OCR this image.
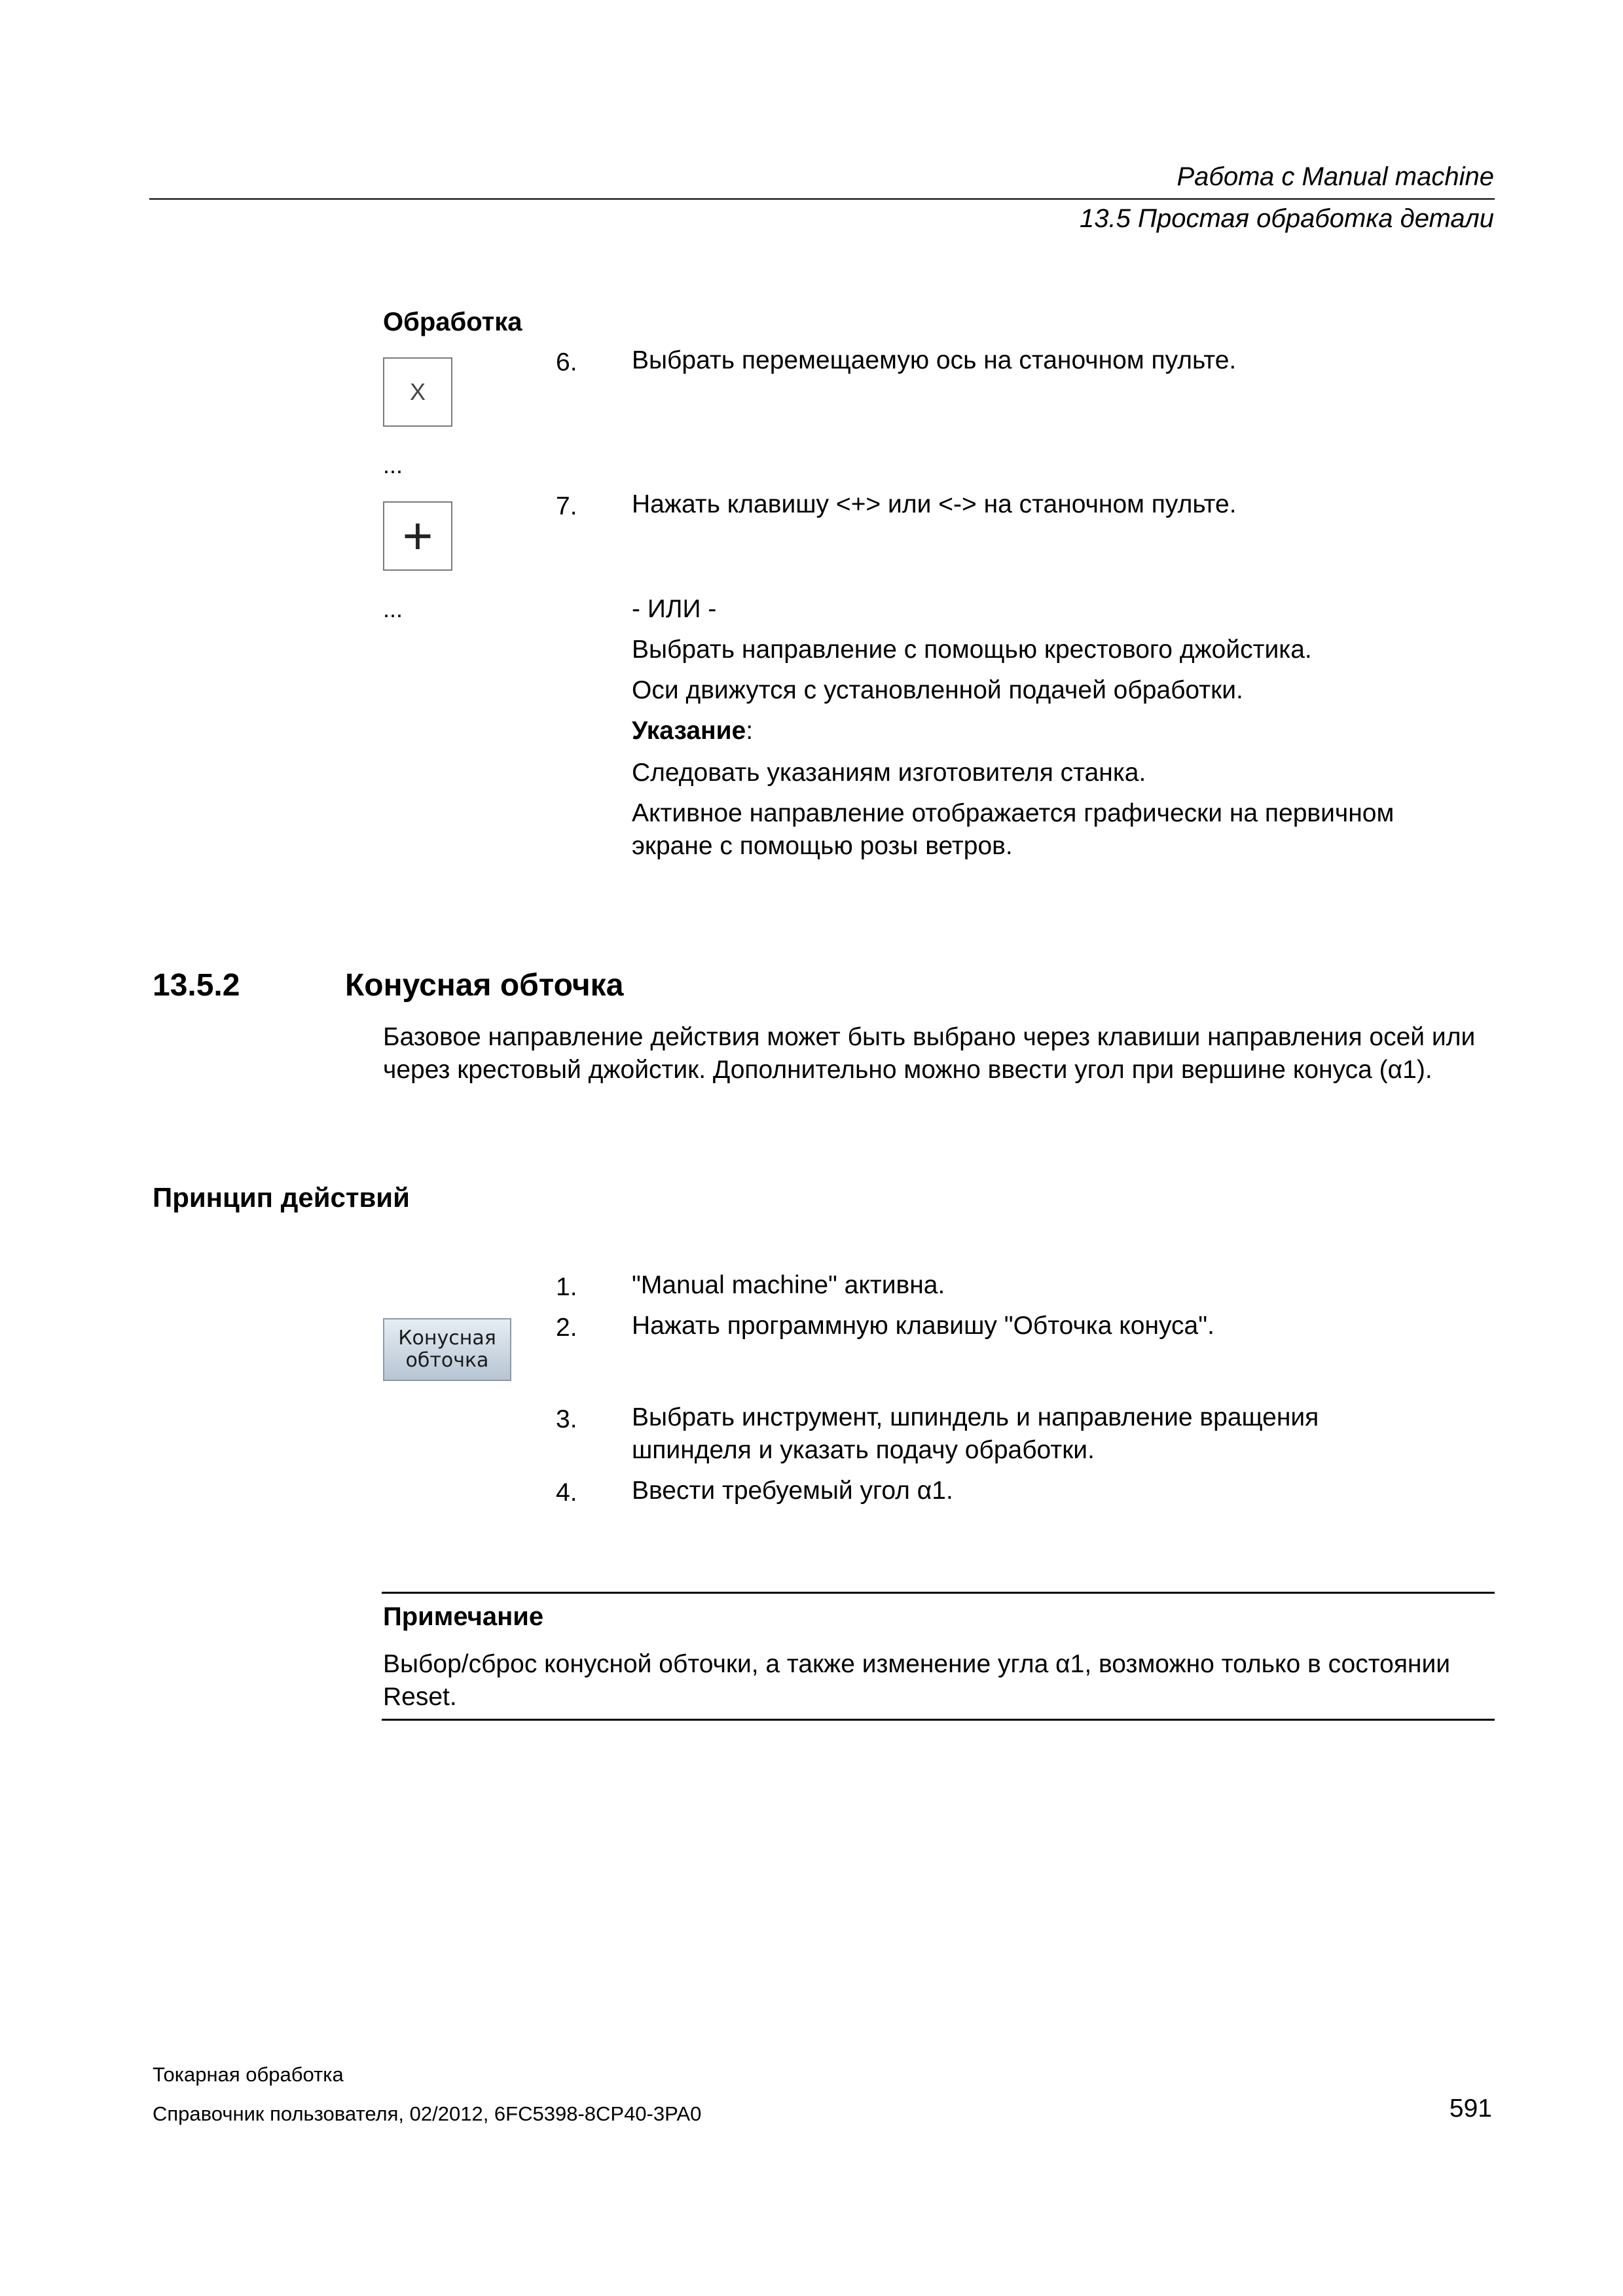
Работа с Manual machine
13.5 Простая обработка детали
Обработка
X
...
+
...
6. Выбрать перемещаемую ось на станочном пульте.
7. Нажать клавишу <+> или <-> на станочном пульте.
- ИЛИ -
Выбрать направление с помощью крестового джойстика.
Оси движутся с установленной подачей обработки.
Указание:
Следовать указаниям изготовителя станка.
Активное направление отображается графически на первичном экране с помощью розы ветров.
13.5.2	Конусная обточка
Базовое направление действия может быть выбрано через клавиши направления осей или через крестовый джойстик. Дополнительно можно ввести угол при вершине конуса (α1).
Принцип действий
1. "Manual machine" активна.
Конусная
обточка
2. Нажать программную клавишу "Обточка конуса".
3. Выбрать инструмент, шпиндель и направление вращения шпинделя и указать подачу обработки.
4. Ввести требуемый угол α1.
Примечание
Выбор/сброс конусной обточки, а также изменение угла α1, возможно только в состоянии Reset.
Токарная обработка
Справочник пользователя, 02/2012, 6FC5398-8CP40-3PA0	591
